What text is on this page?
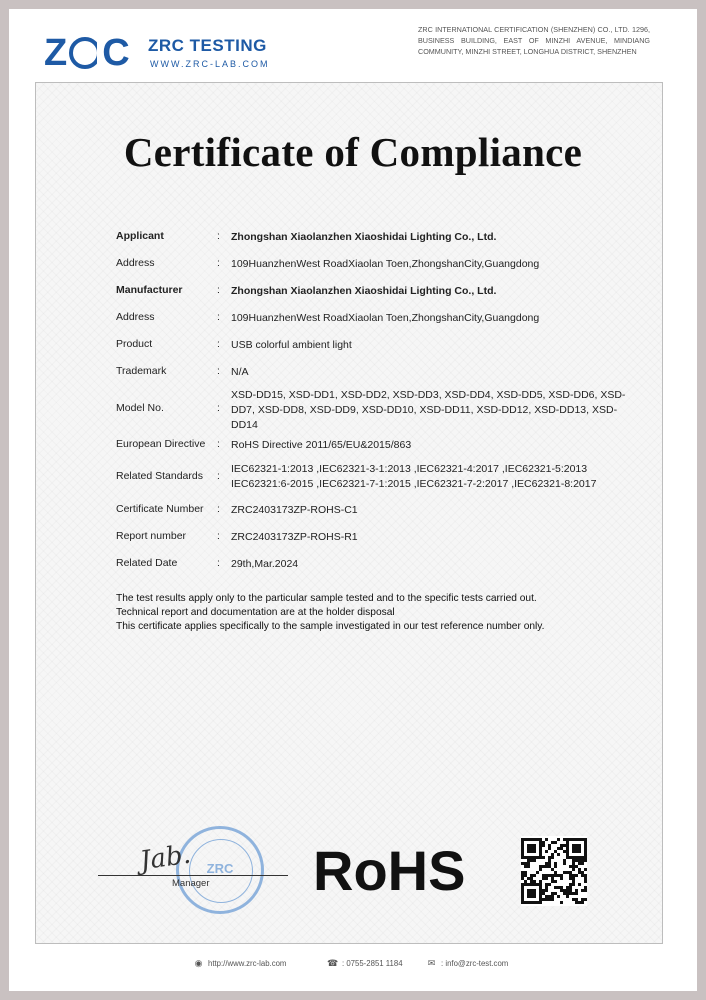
Z C ZRC TESTING
WWW.ZRC-LAB.COM
ZRC INTERNATIONAL CERTIFICATION (SHENZHEN) CO., LTD. 1296, BUSINESS BUILDING, EAST OF MINZHI AVENUE, MINDIANG COMMUNITY, MINZHI STREET, LONGHUA DISTRICT, SHENZHEN
Certificate of Compliance
Applicant	: Zhongshan Xiaolanzhen Xiaoshidai Lighting Co., Ltd.
Address	: 109HuanzhenWest RoadXiaolan Toen,ZhongshanCity,Guangdong
Manufacturer	: Zhongshan Xiaolanzhen Xiaoshidai Lighting Co., Ltd.
Address	: 109HuanzhenWest RoadXiaolan Toen,ZhongshanCity,Guangdong
Product	: USB colorful ambient light
Trademark	: N/A
Model No.	:
XSD-DD15, XSD-DD1, XSD-DD2, XSD-DD3, XSD-DD4, XSD-DD5, XSD-DD6, XSD-DD7, XSD-DD8, XSD-DD9, XSD-DD10, XSD-DD11, XSD-DD12, XSD-DD13, XSD-DD14
European Directive : RoHS Directive 2011/65/EU&2015/863
Related Standards :
IEC62321-1:2013 ,IEC62321-3-1:2013 ,IEC62321-4:2017 ,IEC62321-5:2013 IEC62321:6-2015 ,IEC62321-7-1:2015 ,IEC62321-7-2:2017 ,IEC62321-8:2017
Certificate Number : ZRC2403173ZP-ROHS-C1
Report number	: ZRC2403173ZP-ROHS-R1
Related Date	: 29th,Mar.2024
The test results apply only to the particular sample tested and to the specific tests carried out.
Technical report and documentation are at the holder disposal
This certificate applies specifically to the sample investigated in our test reference number only.
ZRC
Jab.
Manager RoHS
◉ http://www.zrc-lab.com	☎ : 0755-2851 1184	✉ : info@zrc-test.com
